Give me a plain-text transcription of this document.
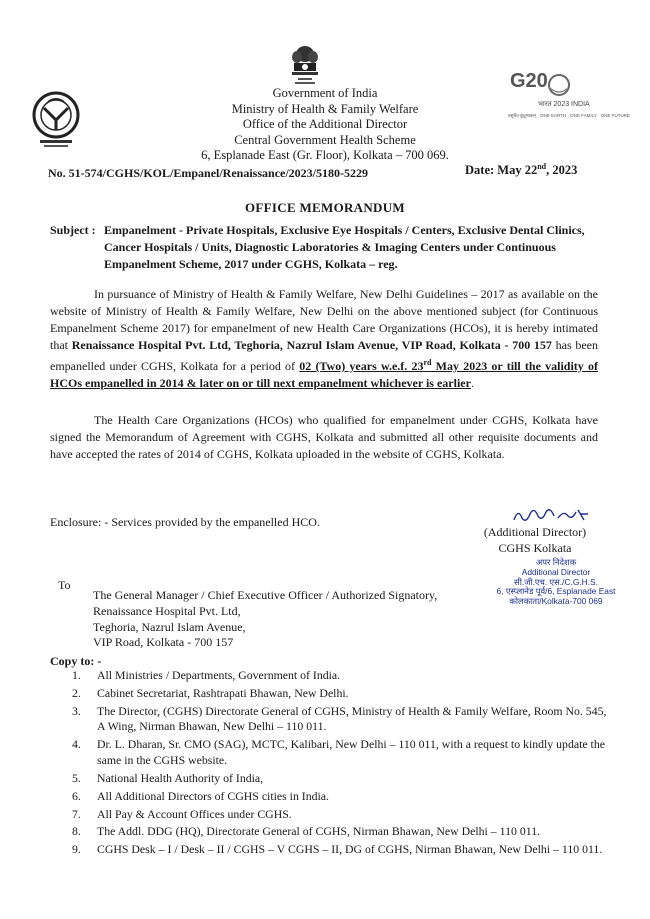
G20
भारत 2023 INDIA
वसुधैव कुटुम्बकम् · ONE EARTH · ONE FAMILY · ONE FUTURE
Government of India
Ministry of Health & Family Welfare
Office of the Additional Director
Central Government Health Scheme
6, Esplanade East (Gr. Floor), Kolkata – 700 069.
No. 51-574/CGHS/KOL/Empanel/Renaissance/2023/5180-5229	Date: May 22nd, 2023
OFFICE MEMORANDUM
Subject : Empanelment - Private Hospitals, Exclusive Eye Hospitals / Centers, Exclusive Dental Clinics, Cancer Hospitals / Units, Diagnostic Laboratories & Imaging Centers under Continuous Empanelment Scheme, 2017 under CGHS, Kolkata – reg.
In pursuance of Ministry of Health & Family Welfare, New Delhi Guidelines – 2017 as available on the website of Ministry of Health & Family Welfare, New Delhi on the above mentioned subject (for Continuous Empanelment Scheme 2017) for empanelment of new Health Care Organizations (HCOs), it is hereby intimated that Renaissance Hospital Pvt. Ltd, Teghoria, Nazrul Islam Avenue, VIP Road, Kolkata - 700 157 has been empanelled under CGHS, Kolkata for a period of 02 (Two) years w.e.f. 23rd May 2023 or till the validity of HCOs empanelled in 2014 & later on or till next empanelment whichever is earlier.
The Health Care Organizations (HCOs) who qualified for empanelment under CGHS, Kolkata have signed the Memorandum of Agreement with CGHS, Kolkata and submitted all other requisite documents and have accepted the rates of 2014 of CGHS, Kolkata uploaded in the website of CGHS, Kolkata.
Enclosure: - Services provided by the empanelled HCO.
(Additional Director)
CGHS Kolkata
अपर निदेशक
Additional Director
सी.जी.एच. एस./C.G.H.S.
6, एस्प्लानेड पूर्व/6, Esplanade East
कोलकाता/Kolkata-700 069
To
The General Manager / Chief Executive Officer / Authorized Signatory,
Renaissance Hospital Pvt. Ltd,
Teghoria, Nazrul Islam Avenue,
VIP Road, Kolkata - 700 157
Copy to: -
1. All Ministries / Departments, Government of India.
2. Cabinet Secretariat, Rashtrapati Bhawan, New Delhi.
3. The Director, (CGHS) Directorate General of CGHS, Ministry of Health & Family Welfare, Room No. 545, A Wing, Nirman Bhawan, New Delhi – 110 011.
4. Dr. L. Dharan, Sr. CMO (SAG), MCTC, Kalibari, New Delhi – 110 011, with a request to kindly update the same in the CGHS website.
5. National Health Authority of India,
6. All Additional Directors of CGHS cities in India.
7. All Pay & Account Offices under CGHS.
8. The Addl. DDG (HQ), Directorate General of CGHS, Nirman Bhawan, New Delhi – 110 011.
9. CGHS Desk – I / Desk – II / CGHS – V CGHS – II, DG of CGHS, Nirman Bhawan, New Delhi – 110 011.
